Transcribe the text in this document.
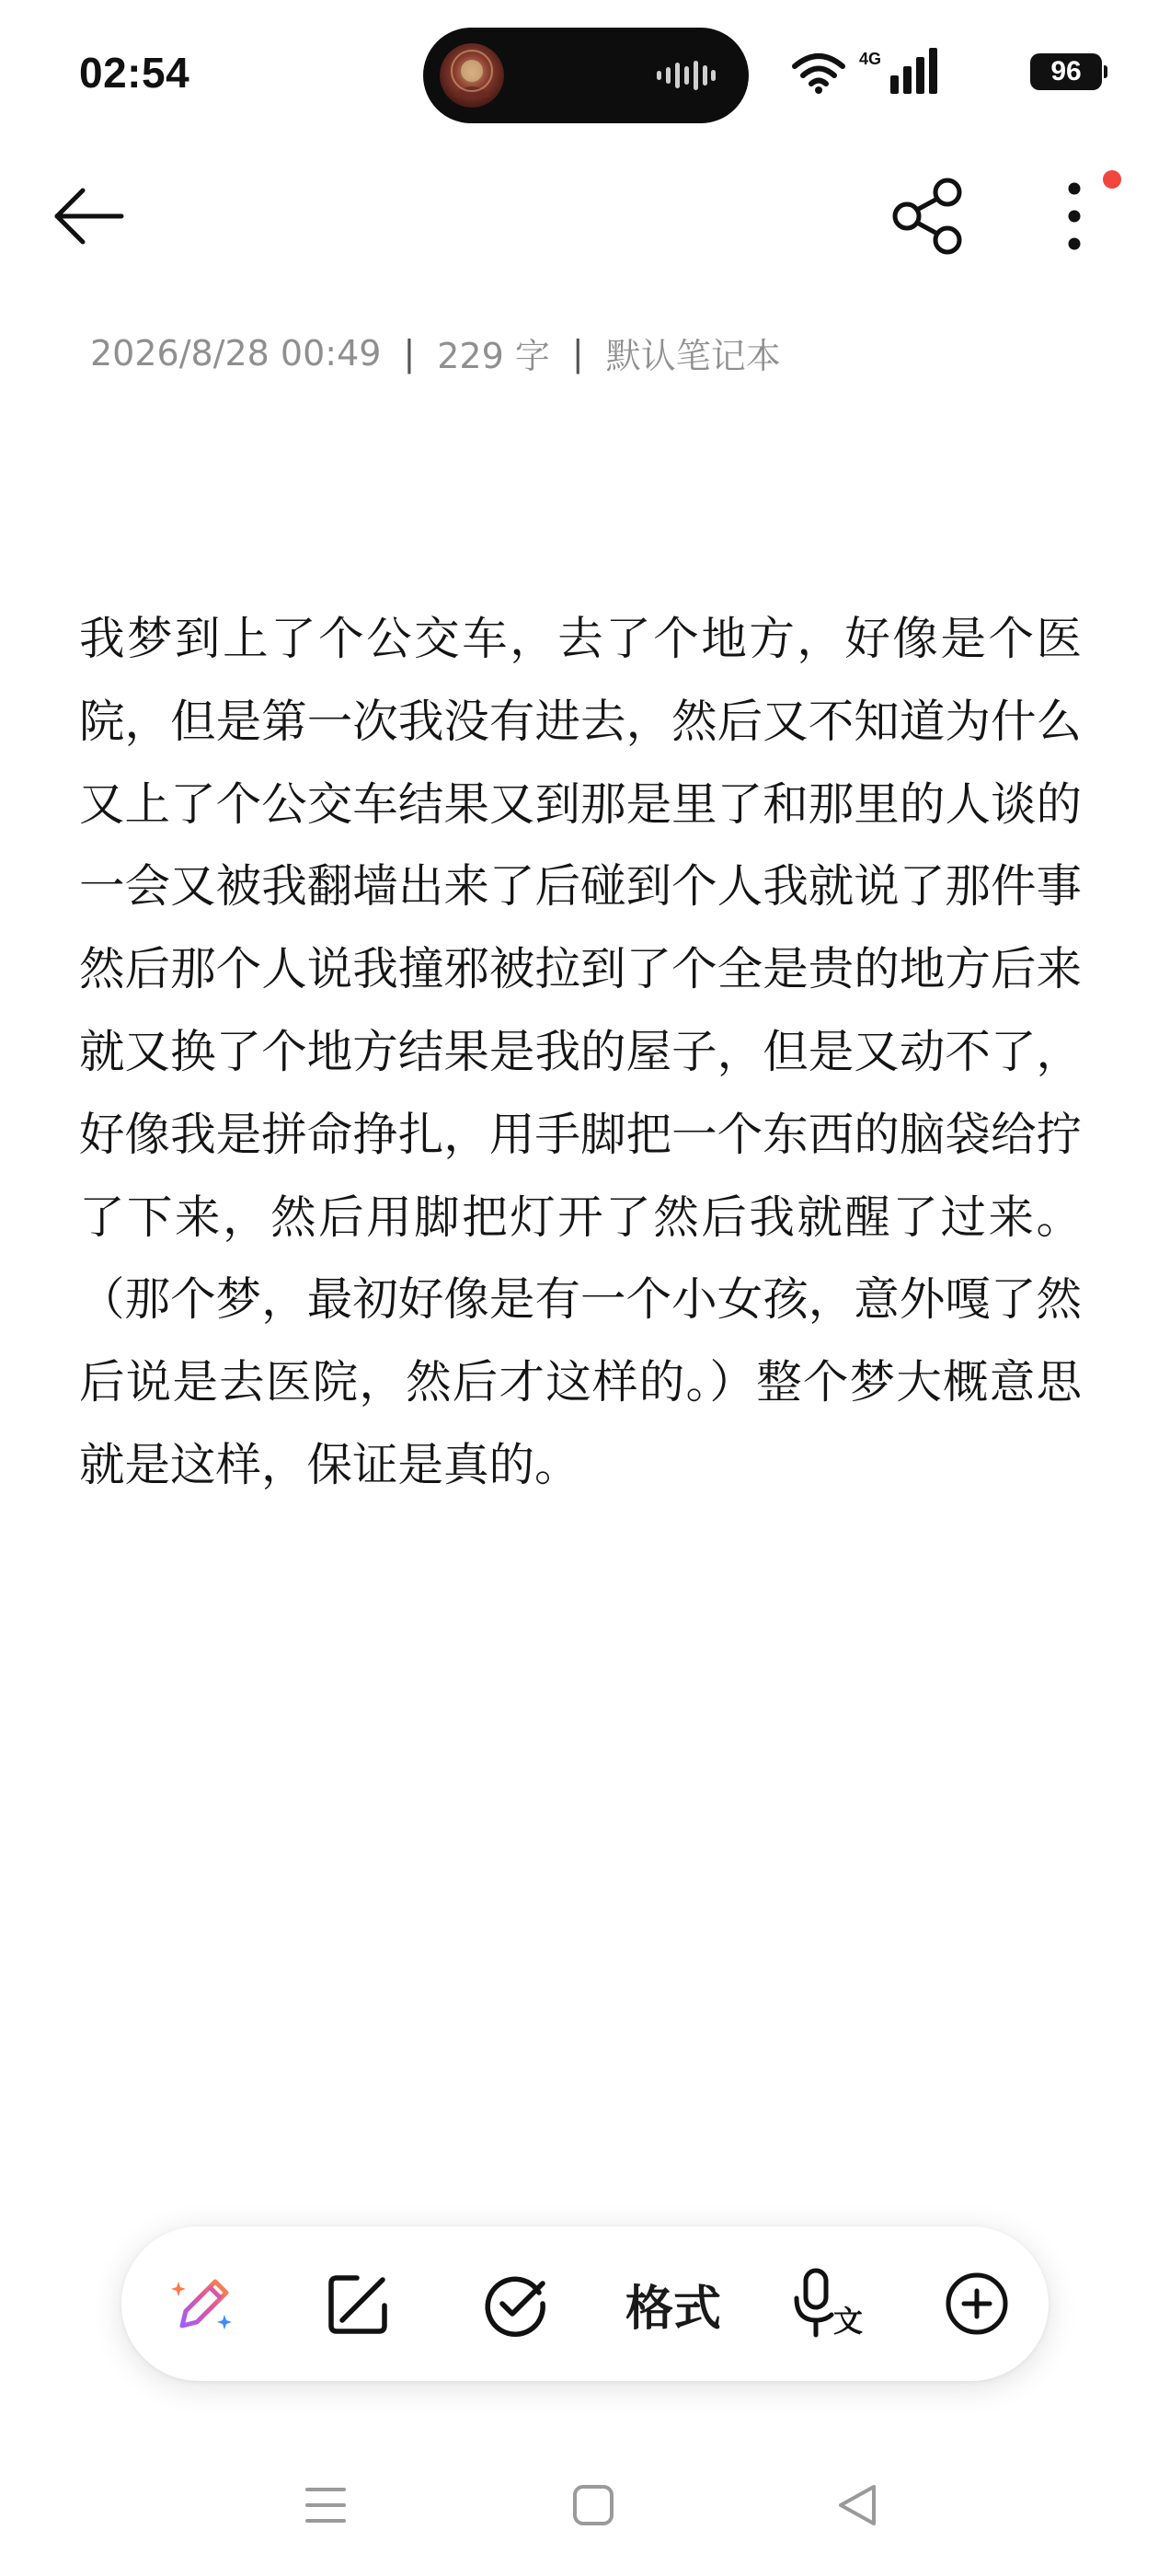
02:54	4G	96
2026/8/28 00:49 | 229 字 | 默认笔记本
我梦到上了个公交车，去了个地方，好像是个医院，但是第一次我没有进去，然后又不知道为什么又上了个公交车结果又到那是里了和那里的人谈的一会又被我翻墙出来了后碰到个人我就说了那件事然后那个人说我撞邪被拉到了个全是贵的地方后来就又换了个地方结果是我的屋子，但是又动不了，好像我是拼命挣扎，用手脚把一个东西的脑袋给拧了下来，然后用脚把灯开了然后我就醒了过来。（那个梦，最初好像是有一个小女孩，意外嘎了然后说是去医院，然后才这样的。）整个梦大概意思就是这样，保证是真的。
格式	文
